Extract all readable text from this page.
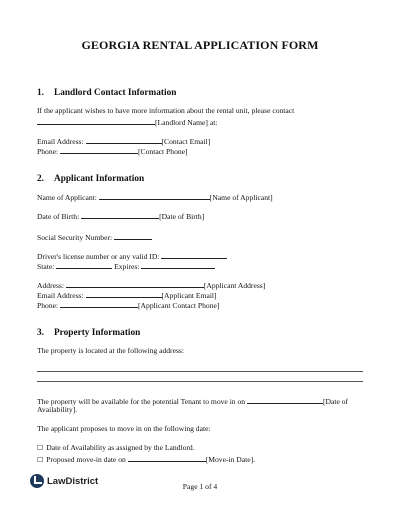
GEORGIA RENTAL APPLICATION FORM
1. Landlord Contact Information
If the applicant wishes to have more information about the rental unit, please contact
[Landlord Name] at:
Email Address:	[Contact Email]
Phone:	[Contact Phone]
2. Applicant Information
Name of Applicant:	[Name of Applicant]
Date of Birth:	[Date of Birth]
Social Security Number:
Driver's license number or any valid ID:
State:	Expires:
Address:	[Applicant Address]
Email Address:	[Applicant Email]
Phone:	[Applicant Contact Phone]
3. Property Information
The property is located at the following address:
The property will be available for the potential Tenant to move in on	[Date of
Availability].
The applicant proposes to move in on the following date:
☐ Date of Availability as assigned by the Landlord.
☐ Proposed move-in date on	[Move-in Date].
LawDistrict	Page 1 of 4
